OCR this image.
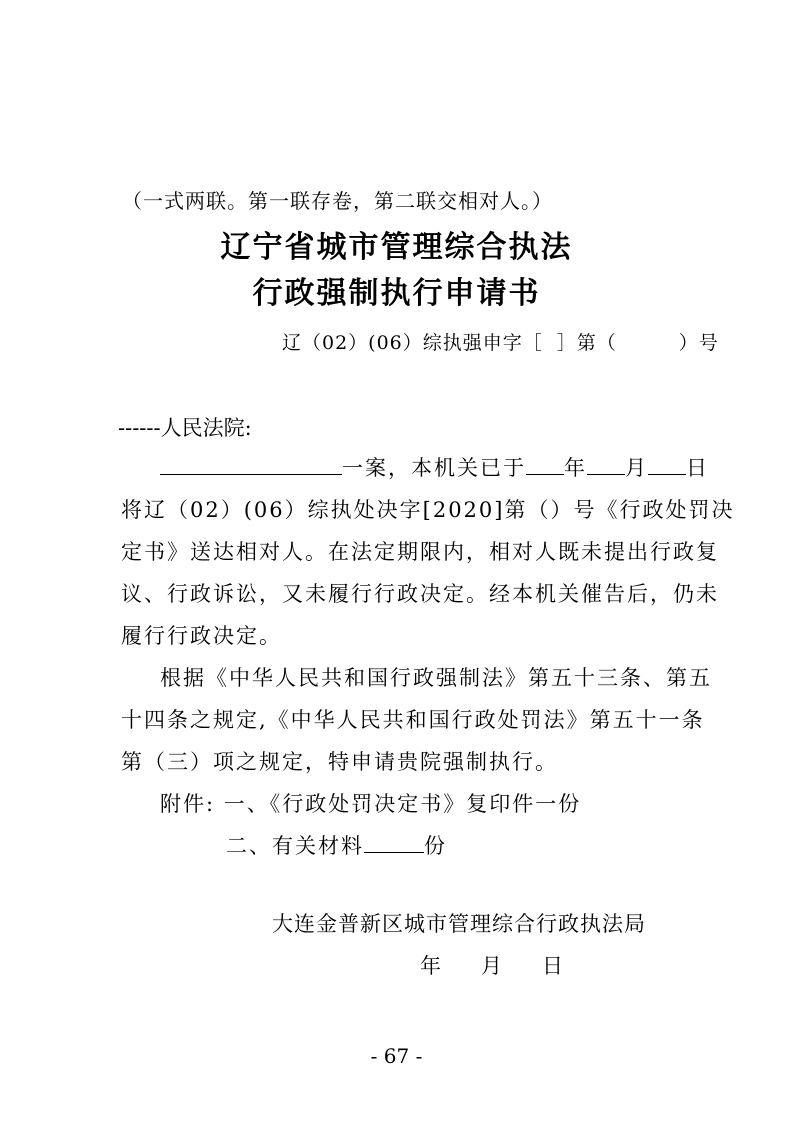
（一式两联。第一联存卷，第二联交相对人。）
辽宁省城市管理综合执法
行政强制执行申请书
辽（02）(06）综执强申字［ ］第（	）号
------人民法院:
一案，本机关已于 年 月 日
将辽（02）(06）综执处决字[2020]第（）号《行政处罚决
定书》送达相对人。在法定期限内，相对人既未提出行政复
议、行政诉讼，又未履行行政决定。经本机关催告后，仍未
履行行政决定。
根据《中华人民共和国行政强制法》第五十三条、第五
十四条之规定,《中华人民共和国行政处罚法》第五十一条
第（三）项之规定，特申请贵院强制执行。
附件: 一、《行政处罚决定书》复印件一份
二、有关材料	份
大连金普新区城市管理综合行政执法局
年 月 日
- 67 -
